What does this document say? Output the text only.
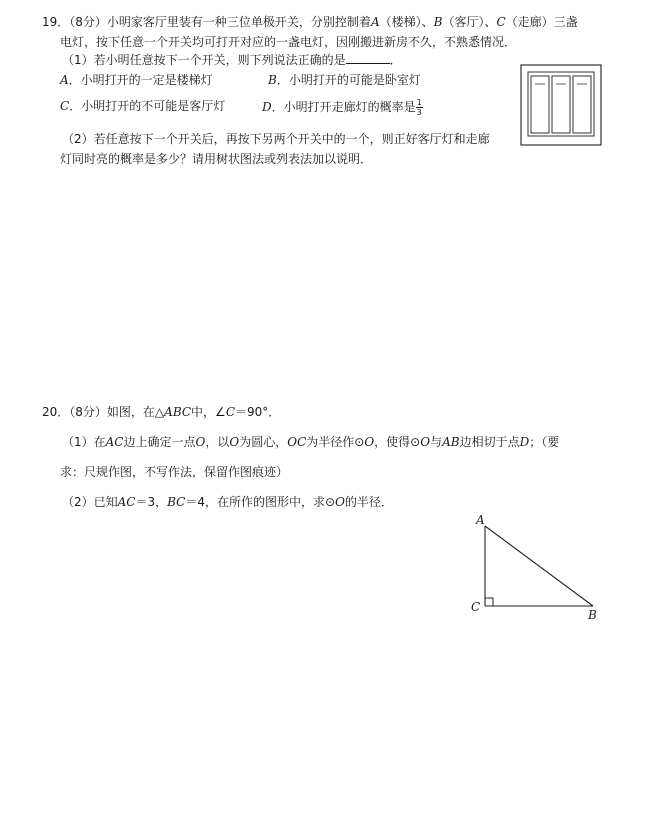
19．（8分）小明家客厅里装有一种三位单极开关，分别控制着A（楼梯）、B（客厅）、C（走廊）三盏
电灯，按下任意一个开关均可打开对应的一盏电灯，因刚搬进新房不久，不熟悉情况．
（1）若小明任意按下一个开关，则下列说法正确的是	．
A．小明打开的一定是楼梯灯	B．小明打开的可能是卧室灯
C．小明打开的不可能是客厅灯	D．小明打开走廊灯的概率是 $\frac{1}{3}$
（2）若任意按下一个开关后，再按下另两个开关中的一个，则正好客厅灯和走廊
灯同时亮的概率是多少？请用树状图法或列表法加以说明．
20．（8分）如图，在△ABC中，∠C＝90°．
（1）在AC边上确定一点O，以O为圆心，OC为半径作⊙O，使得⊙O与AB边相切于点D；（要
求：尺规作图，不写作法，保留作图痕迹）
（2）已知AC＝3，BC＝4，在所作的图形中，求⊙O的半径．
A
C
B
